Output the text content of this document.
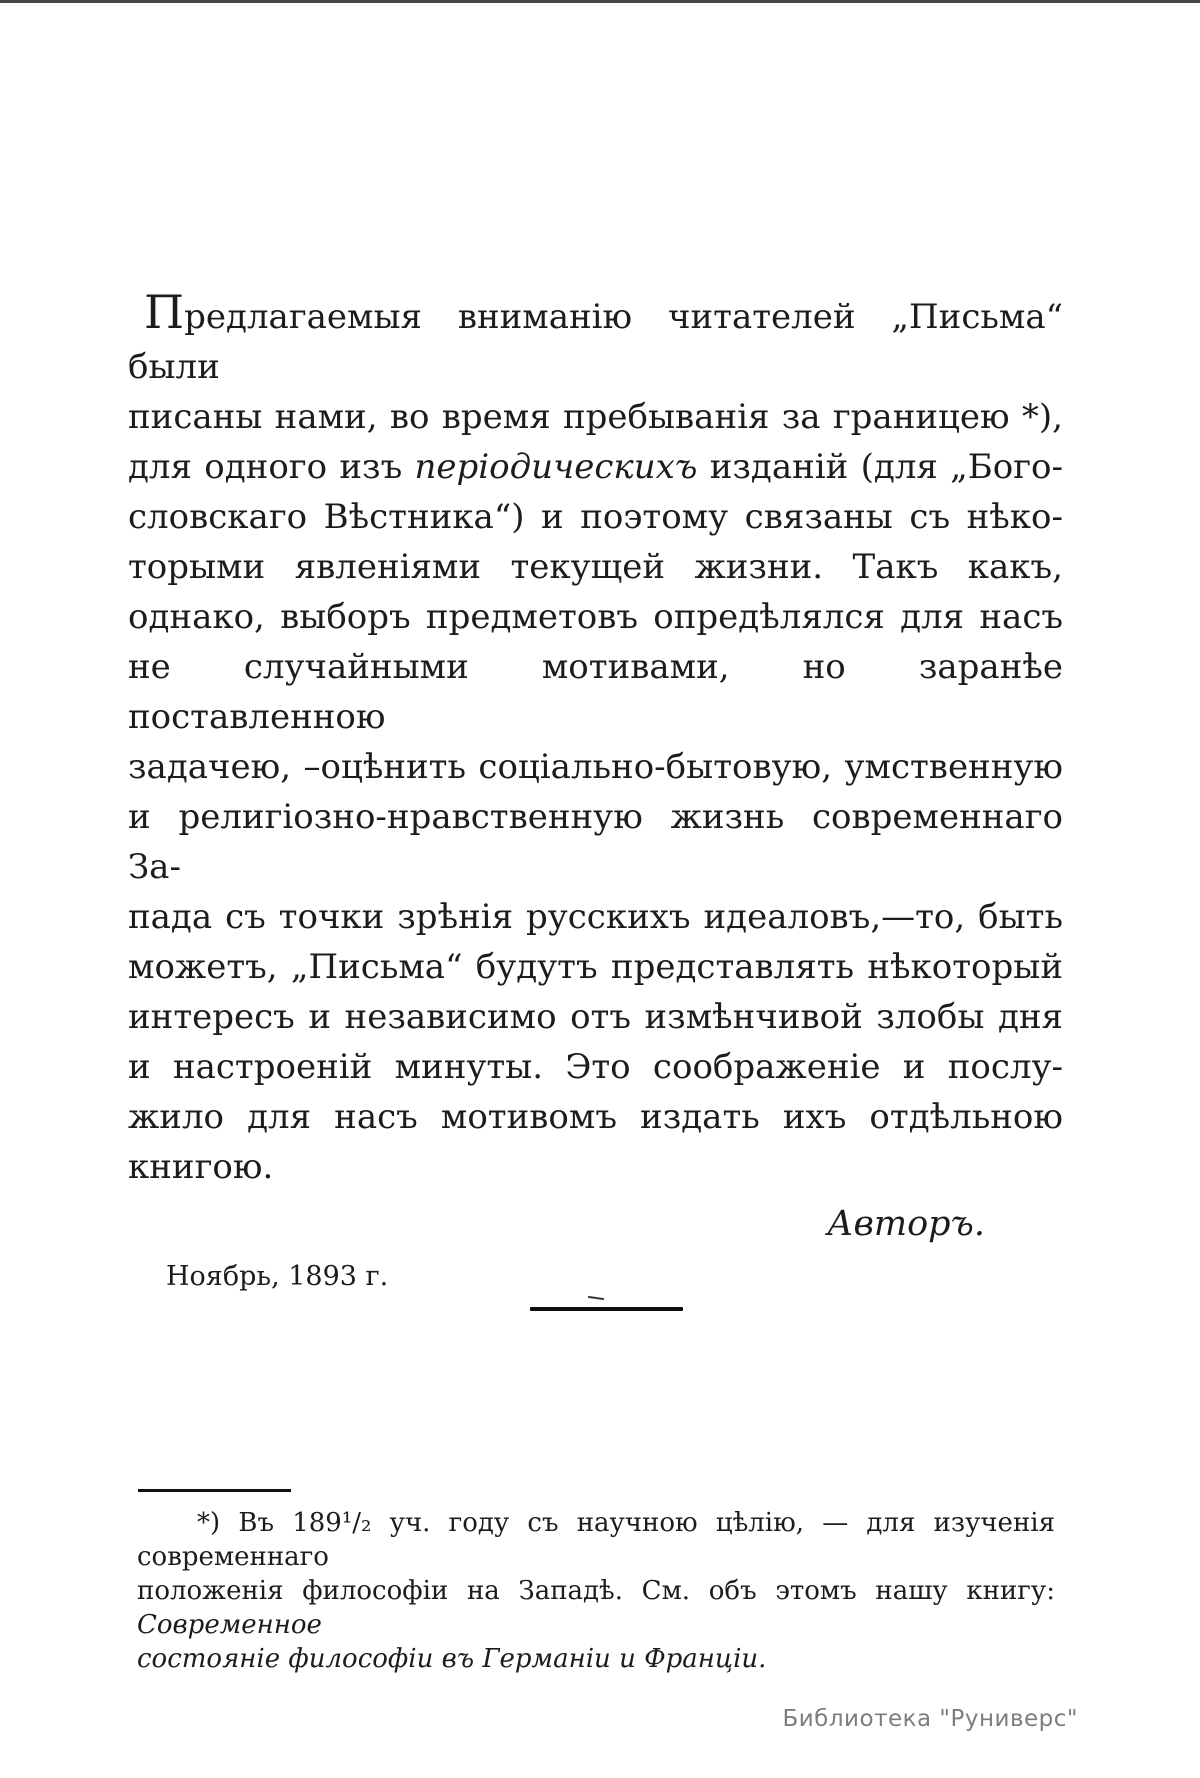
Предлагаемыя вниманію читателей „Письма“ были
писаны нами, во время пребыванія за границею *),
для одного изъ періодическихъ изданій (для „Бого-
словскаго Вѣстника“) и поэтому связаны съ нѣко-
торыми явленіями текущей жизни. Такъ какъ,
однако, выборъ предметовъ опредѣлялся для насъ
не случайными мотивами, но заранѣе поставленною
задачею, –оцѣнить соціально-бытовую, умственную
и религіозно-нравственную жизнь современнаго За-
пада съ точки зрѣнія русскихъ идеаловъ,—то, быть
можетъ, „Письма“ будутъ представлять нѣкоторый
интересъ и независимо отъ измѣнчивой злобы дня
и настроеній минуты. Это соображеніе и послу-
жило для насъ мотивомъ издать ихъ отдѣльною
книгою.
Авторъ.
Ноябрь, 1893 г.
*) Въ 189¹/₂ уч. году съ научною цѣлію, — для изученія современнаго
положенія философіи на Западѣ. См. объ этомъ нашу книгу: Современное
состояніе философіи въ Германіи и Франціи.
Библиотека "Руниверс"
